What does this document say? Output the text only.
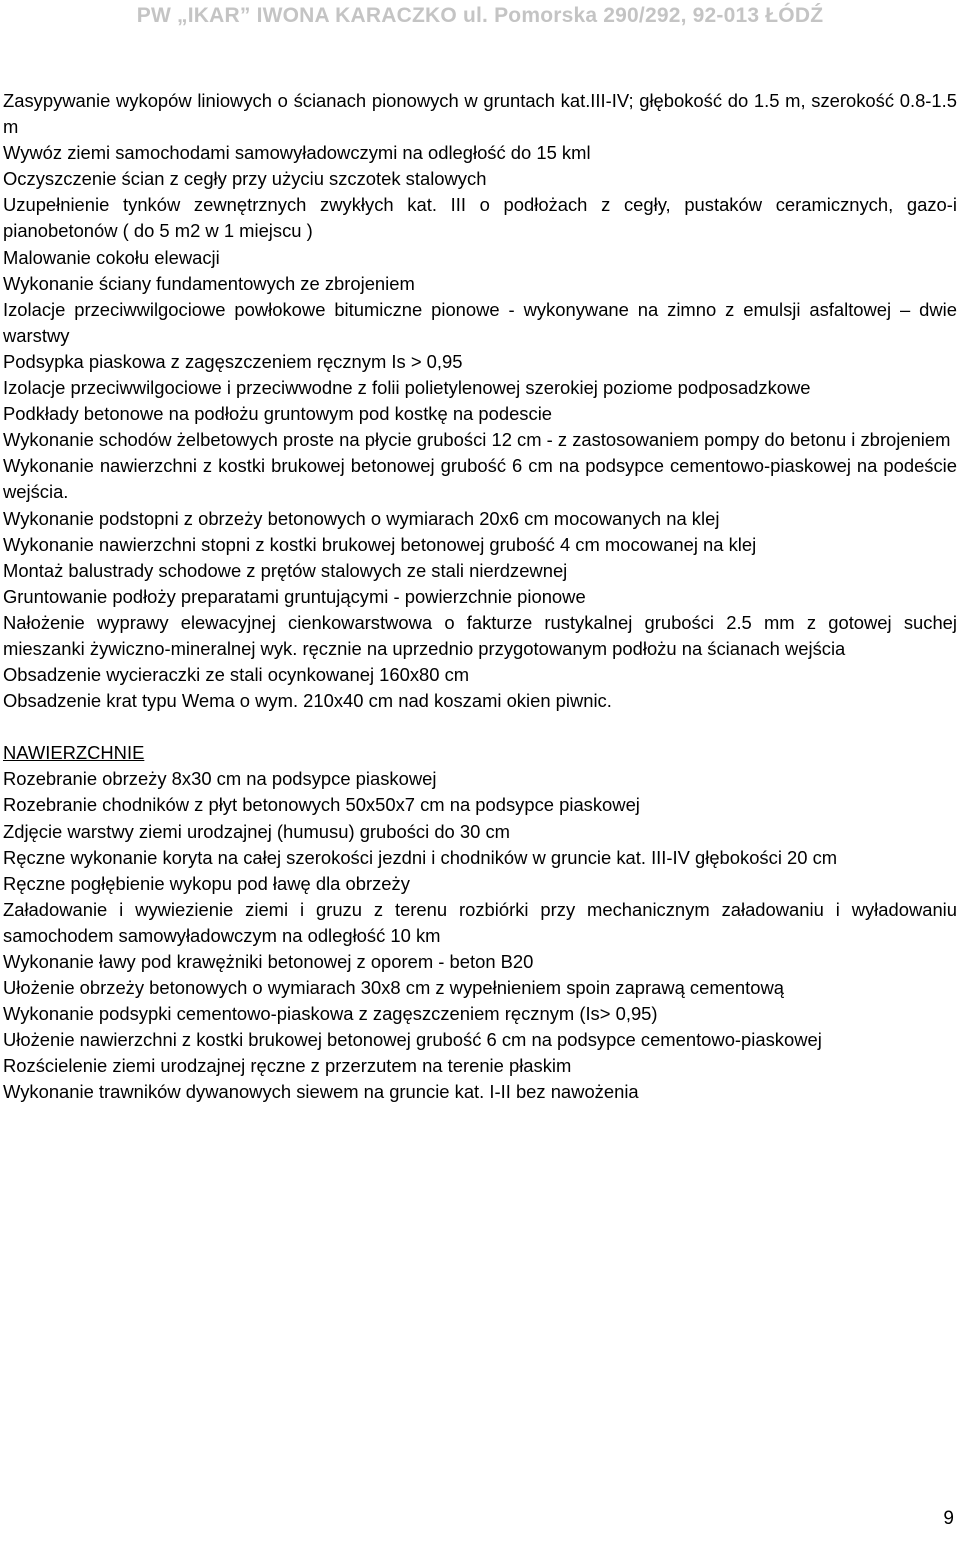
PW „IKAR” IWONA KARACZKO ul. Pomorska 290/292, 92-013 ŁÓDŹ
Zasypywanie wykopów liniowych o ścianach pionowych w gruntach kat.III-IV; głębokość do 1.5 m, szerokość 0.8-1.5 m
Wywóz ziemi samochodami samowyładowczymi na odległość do 15 kml
Oczyszczenie ścian z cegły przy użyciu szczotek stalowych
Uzupełnienie tynków zewnętrznych zwykłych kat. III o podłożach z cegły, pustaków ceramicznych, gazo-i pianobetonów ( do 5 m2 w 1 miejscu )
Malowanie cokołu elewacji
Wykonanie ściany fundamentowych ze zbrojeniem
Izolacje przeciwwilgociowe powłokowe bitumiczne pionowe - wykonywane na zimno z emulsji asfaltowej – dwie warstwy
Podsypka piaskowa z zagęszczeniem ręcznym Is > 0,95
Izolacje przeciwwilgociowe i przeciwwodne z folii polietylenowej szerokiej poziome podposadzkowe
Podkłady betonowe na podłożu gruntowym pod kostkę na podescie
Wykonanie schodów żelbetowych proste na płycie grubości 12 cm - z zastosowaniem pompy do betonu i zbrojeniem
Wykonanie nawierzchni z kostki brukowej betonowej grubość 6 cm na podsypce cementowo-piaskowej na podeście wejścia.
Wykonanie podstopni z obrzeży betonowych o wymiarach 20x6 cm mocowanych na klej
Wykonanie nawierzchni stopni z kostki brukowej betonowej grubość 4 cm mocowanej na klej
Montaż balustrady schodowe z prętów stalowych ze stali nierdzewnej
Gruntowanie podłoży preparatami gruntującymi - powierzchnie pionowe
Nałożenie wyprawy elewacyjnej cienkowarstwowa o fakturze rustykalnej grubości 2.5 mm z gotowej suchej mieszanki żywiczno-mineralnej wyk. ręcznie na uprzednio przygotowanym podłożu na ścianach wejścia
Obsadzenie wycieraczki ze stali ocynkowanej 160x80 cm
Obsadzenie krat typu Wema o wym. 210x40 cm nad koszami okien piwnic.
NAWIERZCHNIE
Rozebranie obrzeży 8x30 cm na podsypce piaskowej
Rozebranie chodników z płyt betonowych 50x50x7 cm na podsypce piaskowej
Zdjęcie warstwy ziemi urodzajnej (humusu) grubości do 30 cm
Ręczne wykonanie koryta na całej szerokości jezdni i chodników w gruncie kat. III-IV głębokości 20 cm
Ręczne pogłębienie wykopu pod ławę dla obrzeży
Załadowanie i wywiezienie ziemi i gruzu z terenu rozbiórki przy mechanicznym załadowaniu i wyładowaniu samochodem samowyładowczym na odległość 10 km
Wykonanie ławy pod krawężniki betonowej z oporem - beton B20
Ułożenie obrzeży betonowych o wymiarach 30x8 cm z wypełnieniem spoin zaprawą cementową
Wykonanie podsypki cementowo-piaskowa z zagęszczeniem ręcznym (Is> 0,95)
Ułożenie nawierzchni z kostki brukowej betonowej grubość 6 cm na podsypce cementowo-piaskowej
Rozścielenie ziemi urodzajnej ręczne z przerzutem na terenie płaskim
Wykonanie trawników dywanowych siewem na gruncie kat. I-II bez nawożenia
9
